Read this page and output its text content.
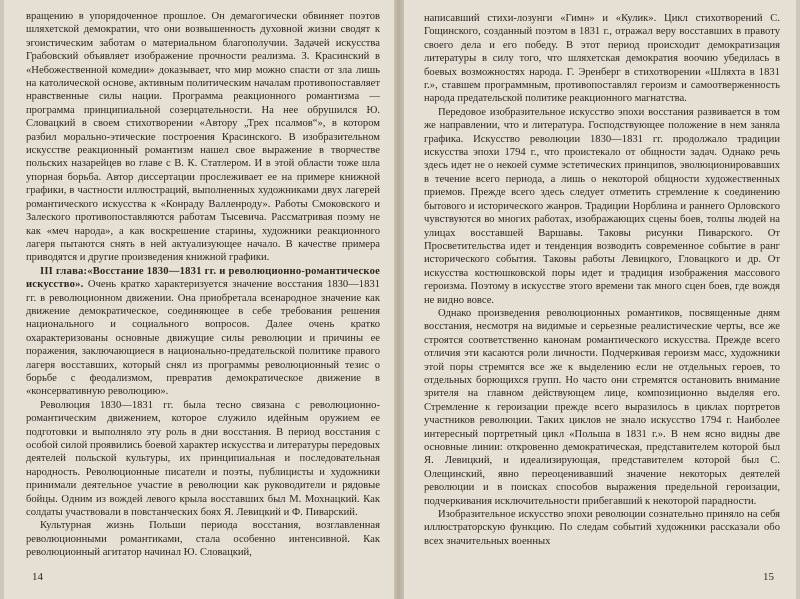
вращению в упорядоченное прошлое. Он демагогически обвиняет поэтов шляхетской демократии, что они возвышенность духовной жизни сводят к эгоистическим заботам о материальном благополучии. Задачей искусства Грабовский объявляет изображение прочности реализма. З. Красинский в «Небожественной комедии» доказывает, что мир можно спасти от зла лишь на католической основе, активным политическим началам противопоставляет нравственные силы нации. Программа реакционного романтизма — программа принципиальной созерцательности. На нее обрушился Ю. Словацкий в своем стихотворении «Автору „Трех псалмов“», в котором разбил морально-этические построения Красинского. В изобразительном искусстве реакционный романтизм нашел свое выражение в творчестве польских назарейцев во главе с В. К. Статлером. И в этой области тоже шла упорная борьба. Автор диссертации прослеживает ее на примере книжной графики, в частности иллюстраций, выполненных художниками двух лагерей романтического искусства к «Конраду Валленроду». Работы Смоковского и Залеского противопоставляются работам Тысевича. Рассматривая поэму не как «меч народа», а как воскрешение старины, художники реакционного лагеря пытаются снять в ней актуализующее начало. В качестве примера приводятся и другие произведения книжной графики.

III глава:«Восстание 1830—1831 гг. и революционно-романтическое искусство». Очень кратко характеризуется значение восстания 1830—1831 гг. в революционном движении. Она приобретала всенародное значение как движение демократическое, соединяющее в себе требования решения национального и социального вопросов. Далее очень кратко охарактеризованы основные движущие силы революции и причины ее поражения, заключающиеся в национально-предательской политике правого лагеря восставших, который снял из программы революционный тезис о борьбе с феодализмом, превратив демократическое движение в «консервативную революцию».

Революция 1830—1831 гг. была тесно связана с революционно-романтическим движением, которое служило идейным оружием ее подготовки и выполняло эту роль в дни восстания. В период восстания с особой силой проявились боевой характер искусства и литературы передовых деятелей польской культуры, их принципиальная и последовательная народность. Революционные писатели и поэты, публицисты и художники принимали деятельное участие в революции как руководители и рядовые бойцы. Одним из вождей левого крыла восставших был М. Мохнацкий. Как солдаты участвовали в повстанческих боях Я. Левицкий и Ф. Пиварский.

Культурная жизнь Польши периода восстания, возглавленная революционными романтиками, стала особенно интенсивной. Как революционный агитатор начинал Ю. Словацкий,

14

написавший стихи-лозунги «Гимн» и «Кулик». Цикл стихотворений С. Гощинского, созданный поэтом в 1831 г., отражал веру восставших в правоту своего дела и его победу. В этот период происходит демократизация литературы в силу того, что шляхетская демократия воочию убедилась в боевых возможностях народа. Г. Эренберг в стихотворении «Шляхта в 1831 г.», ставшем программным, противопоставлял героизм и самоотверженность народа предательской политике реакционного магнатства.

Передовое изобразительное искусство эпохи восстания развивается в том же направлении, что и литература. Господствующее положение в нем заняла графика. Искусство революции 1830—1831 гг. продолжало традиции искусства эпохи 1794 г., что проистекало от общности задач. Однако речь здесь идет не о некоей сумме эстетических принципов, эволюционировавших в течение всего периода, а лишь о некоторой общности художественных приемов. Прежде всего здесь следует отметить стремление к соединению бытового и исторического жанров. Традиции Норблина и раннего Орловского чувствуются во многих работах, изображающих сцены боев, толпы людей на улицах восставшей Варшавы. Таковы рисунки Пиварского. От Просветительства идет и тенденция возводить современное событие в ранг исторического события. Таковы работы Левицкого, Гловацкого и др. От искусства костюшковской поры идет и традиция изображения массового героизма. Поэтому в искусстве этого времени так много сцен боев, где вождя не видно вовсе.

Однако произведения революционных романтиков, посвященные дням восстания, несмотря на видимые и серьезные реалистические черты, все же строятся соответственно канонам романтического искусства. Прежде всего отличия эти касаются роли личности. Подчеркивая героизм масс, художники этой поры стремятся все же к выделению если не отдельных героев, то отдельных борющихся групп. Но часто они стремятся остановить внимание зрителя на главном действующем лице, композиционно выделяя его. Стремление к героизации прежде всего выразилось в циклах портретов участников революции. Таких циклов не знало искусство 1794 г. Наиболее интересный портретный цикл «Польша в 1831 г.». В нем ясно видны две основные линии: откровенно демократическая, представителем которой был Я. Левицкий, и идеализирующая, представителем которой был С. Олещинский, явно переоценивавший значение некоторых деятелей революции и в поисках способов выражения предельной героизации, подчеркивания исключительности прибегавший к некоторой парадности.

Изобразительное искусство эпохи революции сознательно приняло на себя иллюстраторскую функцию. По следам событий художники рассказали обо всех значительных военных

15
